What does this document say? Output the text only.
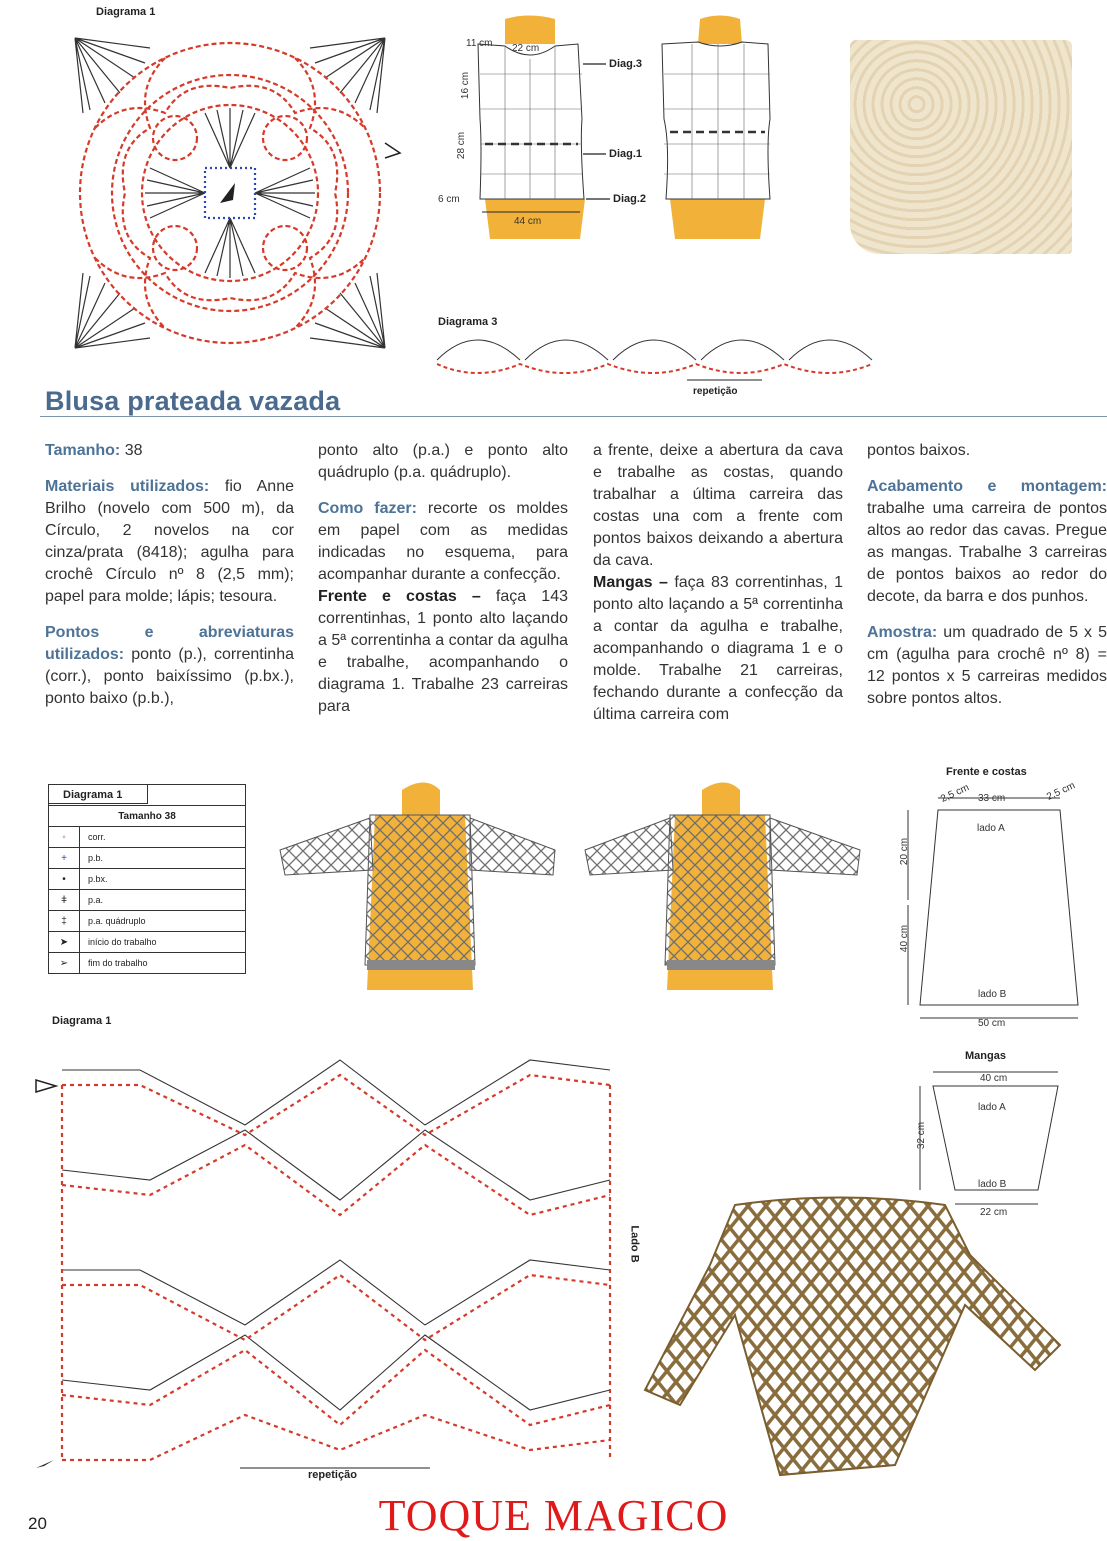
Diagrama 1
11 cm 22 cm
16 cm
28 cm
6 cm
44 cm
Diag.3
Diag.1
Diag.2
Diagrama 3
repetição
Blusa prateada vazada

Tamanho: 38

Materiais utilizados: fio Anne Brilho (novelo com 500 m), da Círculo, 2 novelos na cor cinza/prata (8418); agulha para crochê Círculo nº 8 (2,5 mm); papel para molde; lápis; tesoura.

Pontos e abreviaturas utilizados: ponto (p.), correntinha (corr.), ponto baixíssimo (p.bx.), ponto baixo (p.b.),

ponto alto (p.a.) e ponto alto quádruplo (p.a. quádruplo).

Como fazer: recorte os moldes em papel com as medidas indicadas no esquema, para acompanhar durante a confecção.

Frente e costas – faça 143 correntinhas, 1 ponto alto laçando a 5ª correntinha a contar da agulha e trabalhe, acompanhando o diagrama 1. Trabalhe 23 carreiras para

a frente, deixe a abertura da cava e trabalhe as costas, quando trabalhar a última carreira das costas una com a frente com pontos baixos deixando a abertura da cava.

Mangas – faça 83 correntinhas, 1 ponto alto laçando a 5ª correntinha a contar da agulha e trabalhe, acompanhando o diagrama 1 e o molde. Trabalhe 21 carreiras, fechando durante a confecção da última carreira com

pontos baixos.

Acabamento e montagem: trabalhe uma carreira de pontos altos ao redor das cavas. Pregue as mangas. Trabalhe 3 carreiras de pontos baixos ao redor do decote, da barra e dos punhos.

Amostra: um quadrado de 5 x 5 cm (agulha para crochê nº 8) = 12 pontos x 5 carreiras medidos sobre pontos altos.

Diagrama 1
Tamanho 38
◦	corr.
+	p.b.
•	p.bx.
ǂ	p.a.
‡	p.a. quádruplo
➤	início do trabalho
➢	fim do trabalho
Frente e costas
33 cm
2,5 cm	2,5 cm
lado A
20 cm
40 cm
lado B
50 cm
Mangas
40 cm
lado A
32 cm
lado B
22 cm
Diagrama 1
repetição
Lado B
20	TOQUE MAGICO
